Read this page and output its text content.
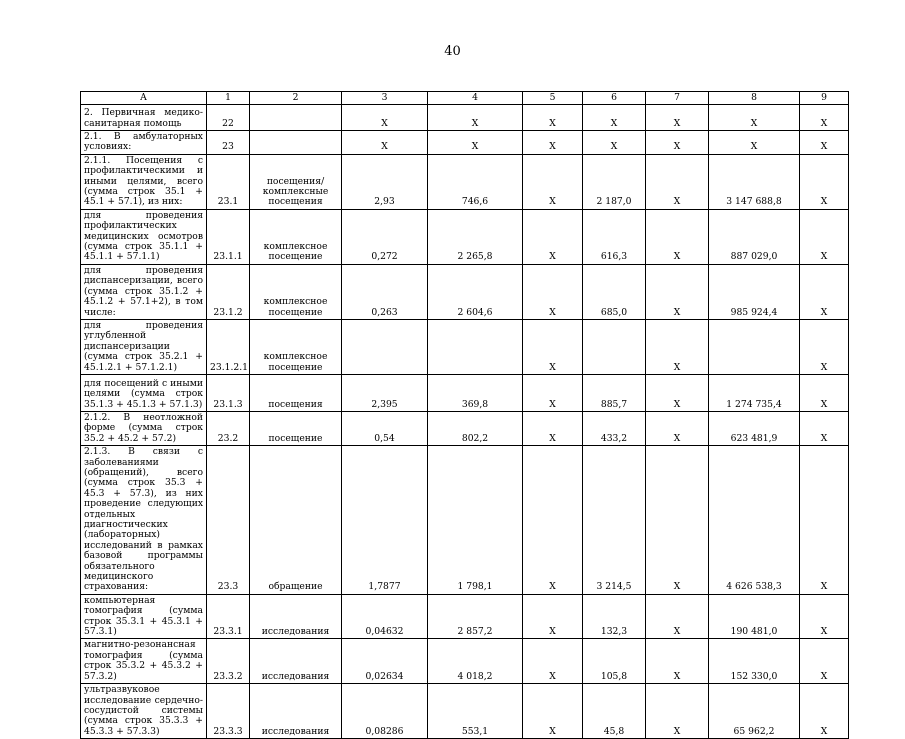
40
А	1	2	3	4	5	6	7	8	9
2. Первичная медико-санитарная помощь	22		Х	Х	Х	Х	Х	Х	Х
2.1. В амбулаторных условиях:	23		Х	Х	Х	Х	Х	Х	Х
2.1.1. Посещения с профилактическими и иными целями, всего (сумма строк 35.1 + 45.1 + 57.1), из них:	23.1	посещения/ комплексные посещения	2,93	746,6	Х	2 187,0	Х	3 147 688,8	Х
для проведения профилактических медицинских осмотров (сумма строк 35.1.1 + 45.1.1 + 57.1.1)	23.1.1	комплексное посещение	0,272	2 265,8	Х	616,3	Х	887 029,0	Х
для проведения диспансеризации, всего (сумма строк 35.1.2 + 45.1.2 + 57.1+2), в том числе:	23.1.2	комплексное посещение	0,263	2 604,6	Х	685,0	Х	985 924,4	Х
для проведения углубленной диспансеризации (сумма строк 35.2.1 + 45.1.2.1 + 57.1.2.1)	23.1.2.1	комплексное посещение			Х		Х		Х
для посещений с иными целями (сумма строк 35.1.3 + 45.1.3 + 57.1.3)	23.1.3	посещения	2,395	369,8	Х	885,7	Х	1 274 735,4	Х
2.1.2. В неотложной форме (сумма строк 35.2 + 45.2 + 57.2)	23.2	посещение	0,54	802,2	Х	433,2	Х	623 481,9	Х
2.1.3. В связи с заболеваниями (обращений), всего (сумма строк 35.3 + 45.3 + 57.3), из них проведение следующих отдельных диагностических (лабораторных) исследований в рамках базовой программы обязательного медицинского страхования:	23.3	обращение	1,7877	1 798,1	Х	3 214,5	Х	4 626 538,3	Х
компьютерная томография (сумма строк 35.3.1 + 45.3.1 + 57.3.1)	23.3.1	исследования	0,04632	2 857,2	Х	132,3	Х	190 481,0	Х
магнитно-резонансная томография (сумма строк 35.3.2 + 45.3.2 + 57.3.2)	23.3.2	исследования	0,02634	4 018,2	Х	105,8	Х	152 330,0	Х
ультразвуковое исследование сердечно-сосудистой системы (сумма строк 35.3.3 + 45.3.3 + 57.3.3)	23.3.3	исследования	0,08286	553,1	Х	45,8	Х	65 962,2	Х
